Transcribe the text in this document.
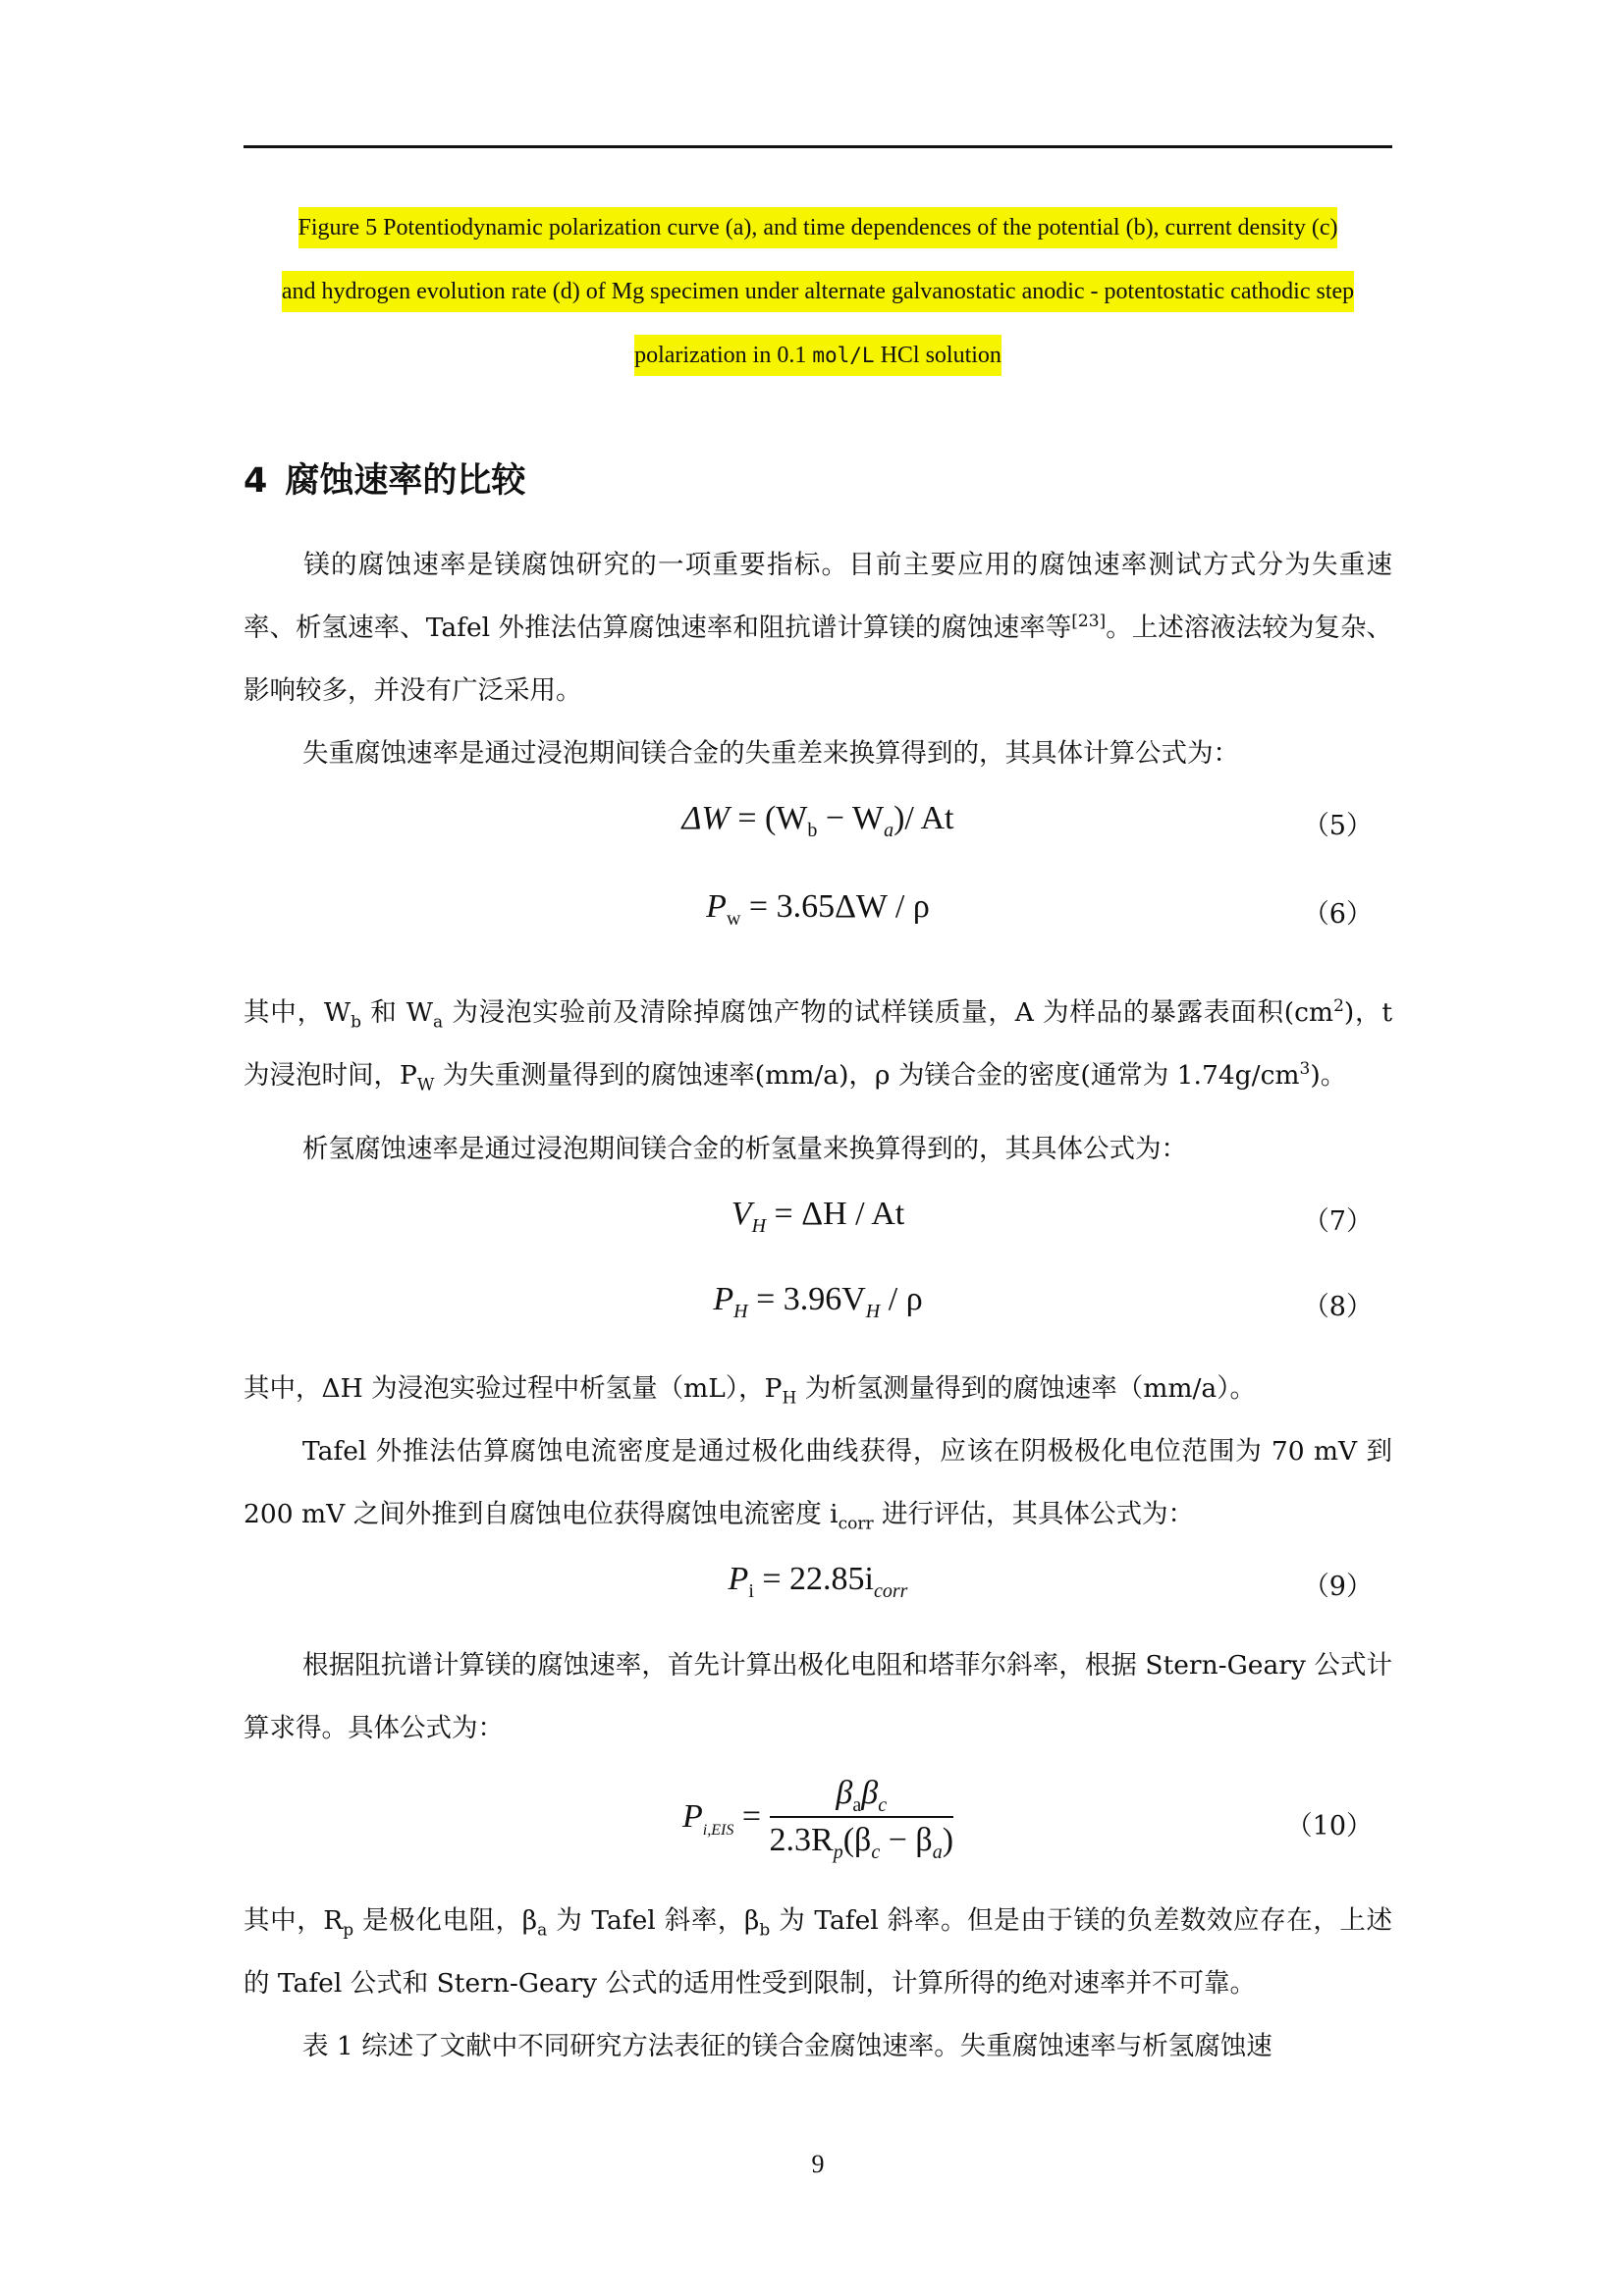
Figure 5 Potentiodynamic polarization curve (a), and time dependences of the potential (b), current density (c)
and hydrogen evolution rate (d) of Mg specimen under alternate galvanostatic anodic - potentostatic cathodic step
polarization in 0.1 mol/L HCl solution
4 腐蚀速率的比较
镁的腐蚀速率是镁腐蚀研究的一项重要指标。目前主要应用的腐蚀速率测试方式分为失重速率、析氢速率、Tafel 外推法估算腐蚀速率和阻抗谱计算镁的腐蚀速率等[23]。上述溶液法较为复杂、影响较多，并没有广泛采用。
失重腐蚀速率是通过浸泡期间镁合金的失重差来换算得到的，其具体计算公式为：
$\Delta W = (W_b - W_a)/$ At	（5）
$P_w = 3.65\Delta W / \rho$	（6）
其中，$W_b$ 和 $W_a$ 为浸泡实验前及清除掉腐蚀产物的试样镁质量，A 为样品的暴露表面积$(cm^2)$，t 为浸泡时间，$P_W$ 为失重测量得到的腐蚀速率(mm/a)，ρ 为镁合金的密度(通常为 $1.74g/cm^3$)。
析氢腐蚀速率是通过浸泡期间镁合金的析氢量来换算得到的，其具体公式为：
$V_H = \Delta H / At$	（7）
$P_H = 3.96V_H / \rho$	（8）
其中，ΔH 为浸泡实验过程中析氢量（mL），$P_H$ 为析氢测量得到的腐蚀速率（mm/a）。
Tafel 外推法估算腐蚀电流密度是通过极化曲线获得，应该在阴极极化电位范围为 70 mV 到 200 mV 之间外推到自腐蚀电位获得腐蚀电流密度 $i_{corr}$ 进行评估，其具体公式为：
$P_i = 22.85i_{corr}$	（9）
根据阻抗谱计算镁的腐蚀速率，首先计算出极化电阻和塔菲尔斜率，根据 Stern-Geary 公式计算求得。具体公式为：
$P_{i,EIS} = \frac{\beta_a\beta_c}{2.3R_p(\beta_c - \beta_a)}$	（10）
其中，$R_p$ 是极化电阻，$\beta_a$ 为 Tafel 斜率，$\beta_b$ 为 Tafel 斜率。但是由于镁的负差数效应存在，上述的 Tafel 公式和 Stern-Geary 公式的适用性受到限制，计算所得的绝对速率并不可靠。
表 1 综述了文献中不同研究方法表征的镁合金腐蚀速率。失重腐蚀速率与析氢腐蚀速
9
